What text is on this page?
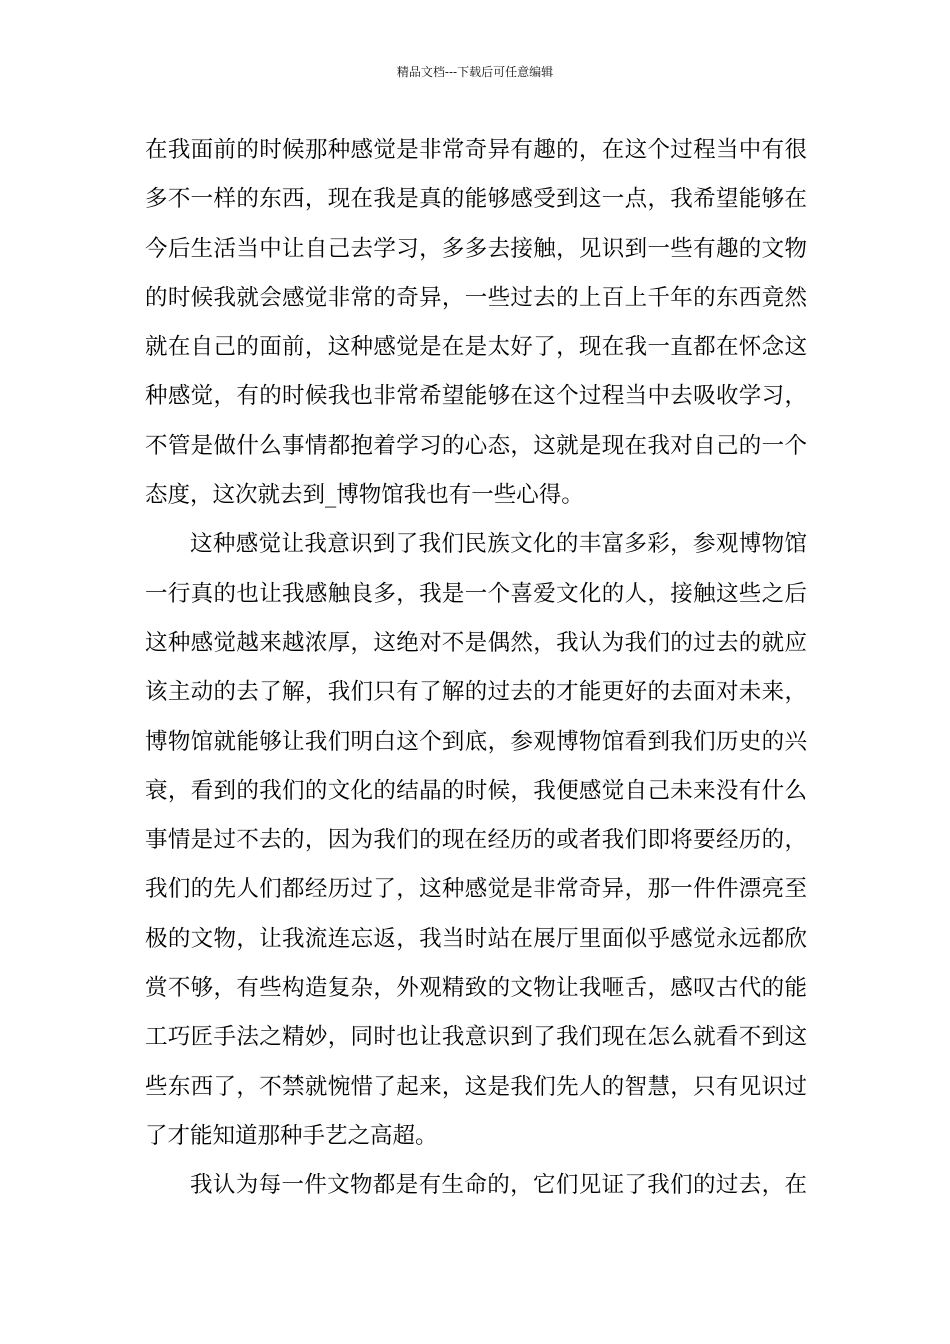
精品文档---下载后可任意编辑
在我面前的时候那种感觉是非常奇异有趣的，在这个过程当中有很
多不一样的东西，现在我是真的能够感受到这一点，我希望能够在
今后生活当中让自己去学习，多多去接触，见识到一些有趣的文物
的时候我就会感觉非常的奇异，一些过去的上百上千年的东西竟然
就在自己的面前，这种感觉是在是太好了，现在我一直都在怀念这
种感觉，有的时候我也非常希望能够在这个过程当中去吸收学习，
不管是做什么事情都抱着学习的心态，这就是现在我对自己的一个
态度，这次就去到_博物馆我也有一些心得。
这种感觉让我意识到了我们民族文化的丰富多彩，参观博物馆
一行真的也让我感触良多，我是一个喜爱文化的人，接触这些之后
这种感觉越来越浓厚，这绝对不是偶然，我认为我们的过去的就应
该主动的去了解，我们只有了解的过去的才能更好的去面对未来，
博物馆就能够让我们明白这个到底，参观博物馆看到我们历史的兴
衰，看到的我们的文化的结晶的时候，我便感觉自己未来没有什么
事情是过不去的，因为我们的现在经历的或者我们即将要经历的，
我们的先人们都经历过了，这种感觉是非常奇异，那一件件漂亮至
极的文物，让我流连忘返，我当时站在展厅里面似乎感觉永远都欣
赏不够，有些构造复杂，外观精致的文物让我咂舌，感叹古代的能
工巧匠手法之精妙，同时也让我意识到了我们现在怎么就看不到这
些东西了，不禁就惋惜了起来，这是我们先人的智慧，只有见识过
了才能知道那种手艺之高超。
我认为每一件文物都是有生命的，它们见证了我们的过去，在
